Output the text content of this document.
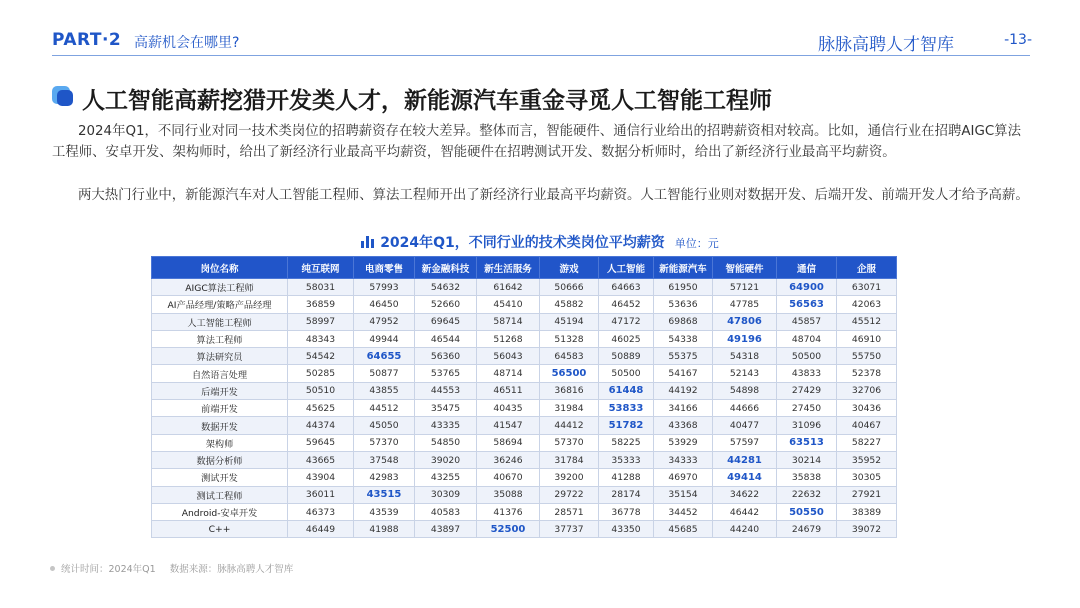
PART·2 高薪机会在哪里?	脉脉高聘人才智库	-13-
人工智能高薪挖猎开发类人才，新能源汽车重金寻觅人工智能工程师
2024年Q1，不同行业对同一技术类岗位的招聘薪资存在较大差异。整体而言，智能硬件、通信行业给出的招聘薪资相对较高。比如，通信行业在招聘AIGC算法工程师、安卓开发、架构师时，给出了新经济行业最高平均薪资，智能硬件在招聘测试开发、数据分析师时，给出了新经济行业最高平均薪资。
两大热门行业中，新能源汽车对人工智能工程师、算法工程师开出了新经济行业最高平均薪资。人工智能行业则对数据开发、后端开发、前端开发人才给予高薪。
2024年Q1，不同行业的技术类岗位平均薪资 单位：元
岗位名称	纯互联网	电商零售	新金融科技	新生活服务	游戏	人工智能	新能源汽车	智能硬件	通信	企服
AIGC算法工程师	58031	57993	54632	61642	50666	64663	61950	57121	64900	63071
AI产品经理/策略产品经理	36859	46450	52660	45410	45882	46452	53636	47785	56563	42063
人工智能工程师	58997	47952	69645	58714	45194	47172	69868	47806	45857	45512
算法工程师	48343	49944	46544	51268	51328	46025	54338	49196	48704	46910
算法研究员	54542	64655	56360	56043	64583	50889	55375	54318	50500	55750
自然语言处理	50285	50877	53765	48714	56500	50500	54167	52143	43833	52378
后端开发	50510	43855	44553	46511	36816	61448	44192	54898	27429	32706
前端开发	45625	44512	35475	40435	31984	53833	34166	44666	27450	30436
数据开发	44374	45050	43335	41547	44412	51782	43368	40477	31096	40467
架构师	59645	57370	54850	58694	57370	58225	53929	57597	63513	58227
数据分析师	43665	37548	39020	36246	31784	35333	34333	44281	30214	35952
测试开发	43904	42983	43255	40670	39200	41288	46970	49414	35838	30305
测试工程师	36011	43515	30309	35088	29722	28174	35154	34622	22632	27921
Android-安卓开发	46373	43539	40583	41376	28571	36778	34452	46442	50550	38389
C++	46449	41988	43897	52500	37737	43350	45685	44240	24679	39072
统计时间：2024年Q1 数据来源：脉脉高聘人才智库
